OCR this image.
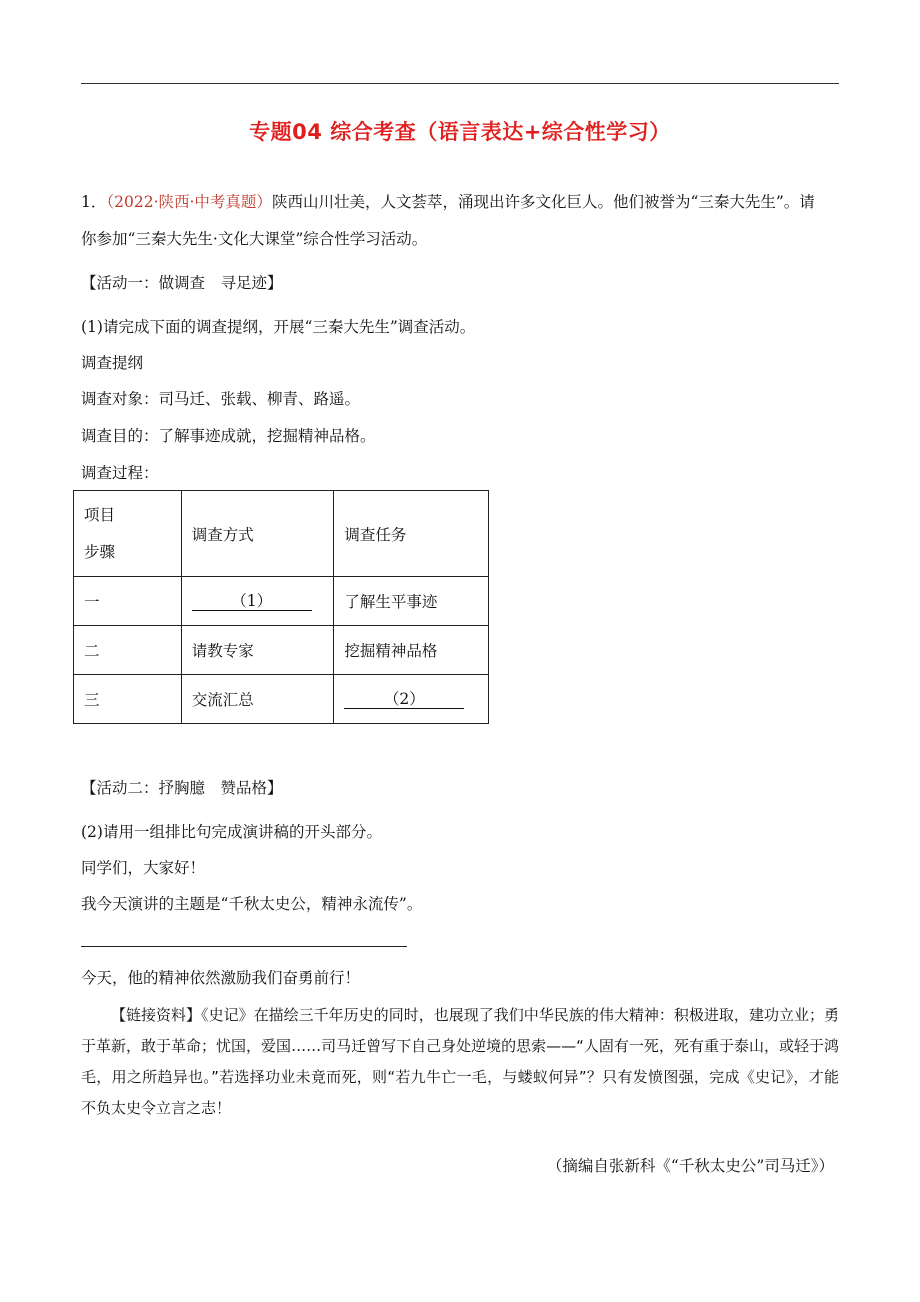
专题04 综合考查（语言表达+综合性学习）
1．（2022·陕西·中考真题）陕西山川壮美，人文荟萃，涌现出许多文化巨人。他们被誉为“三秦大先生”。请
你参加“三秦大先生·文化大课堂”综合性学习活动。
【活动一：做调查　寻足迹】
(1)请完成下面的调查提纲，开展“三秦大先生”调查活动。
调查提纲
调查对象：司马迁、张载、柳青、路遥。
调查目的：了解事迹成就，挖掘精神品格。
调查过程：
项目
步骤	调查方式	调查任务
一	（1）	了解生平事迹
二	请教专家	挖掘精神品格
三	交流汇总	（2）
【活动二：抒胸臆　赞品格】
(2)请用一组排比句完成演讲稿的开头部分。
同学们，大家好！
我今天演讲的主题是“千秋太史公，精神永流传”。
今天，他的精神依然激励我们奋勇前行！
【链接资料】《史记》在描绘三千年历史的同时，也展现了我们中华民族的伟大精神：积极进取，建功立业；勇于革新，敢于革命；忧国，爱国……司马迁曾写下自己身处逆境的思索——“人固有一死，死有重于泰山，或轻于鸿毛，用之所趋异也。”若选择功业未竟而死，则“若九牛亡一毛，与蝼蚁何异”？只有发愤图强，完成《史记》，才能不负太史令立言之志！
（摘编自张新科《“千秋太史公”司马迁》）
